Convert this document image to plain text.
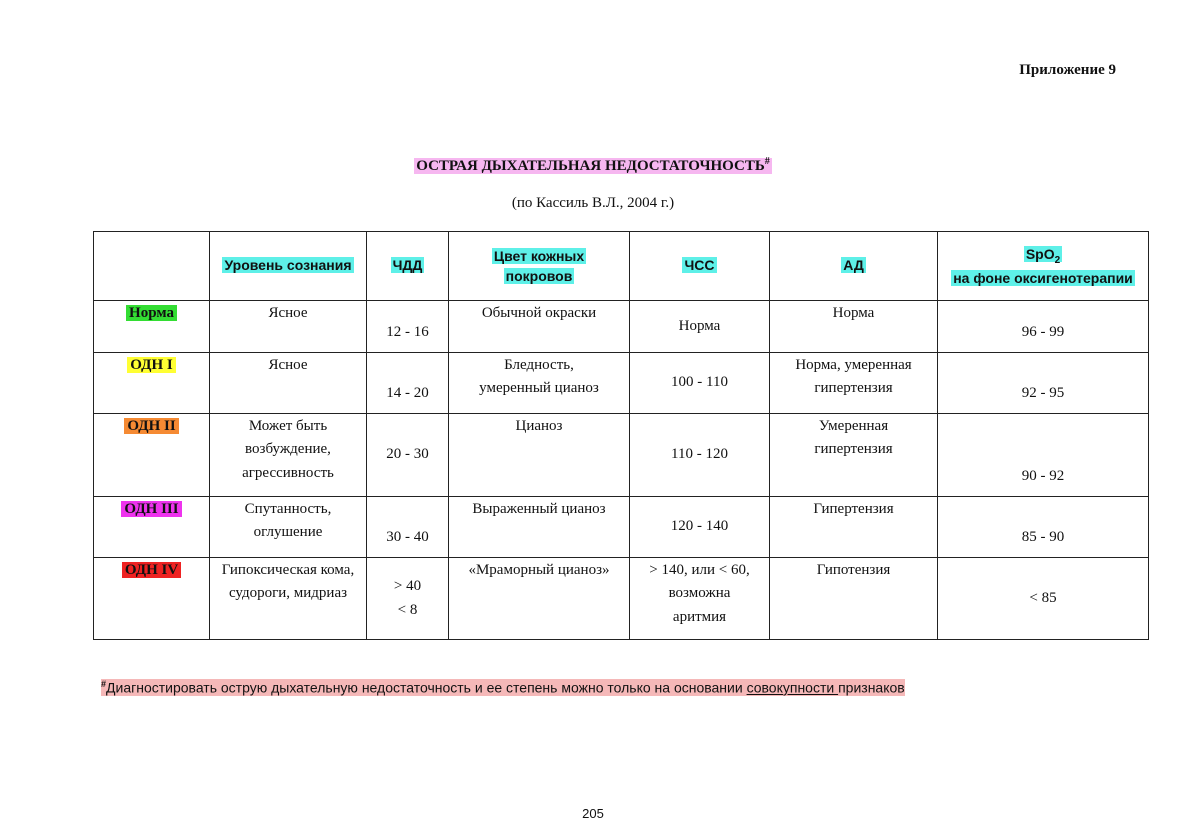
Приложение 9
ОСТРАЯ ДЫХАТЕЛЬНАЯ НЕДОСТАТОЧНОСТЬ#
(по Кассиль В.Л., 2004 г.)
	Уровень сознания	ЧДД	Цвет кожных
покровов	ЧСС	АД	SpO$_2$
на фоне оксигенотерапии
Норма	Ясное	12 - 16	Обычной окраски	Норма	Норма	96 - 99
ОДН I	Ясное	14 - 20	Бледность,
умеренный цианоз	100 - 110	Норма, умеренная
гипертензия	92 - 95
ОДН II	Может быть
возбуждение,
агрессивность	20 - 30	Цианоз	110 - 120	Умеренная
гипертензия	90 - 92
ОДН III	Спутанность,
оглушение	30 - 40	Выраженный цианоз	120 - 140	Гипертензия	85 - 90
ОДН IV	Гипоксическая кома,
судороги, мидриаз	> 40
< 8	«Мраморный цианоз»	> 140, или < 60,
возможна
аритмия	Гипотензия	< 85
#Диагностировать острую дыхательную недостаточность и ее степень можно только на основании совокупности признаков
205
